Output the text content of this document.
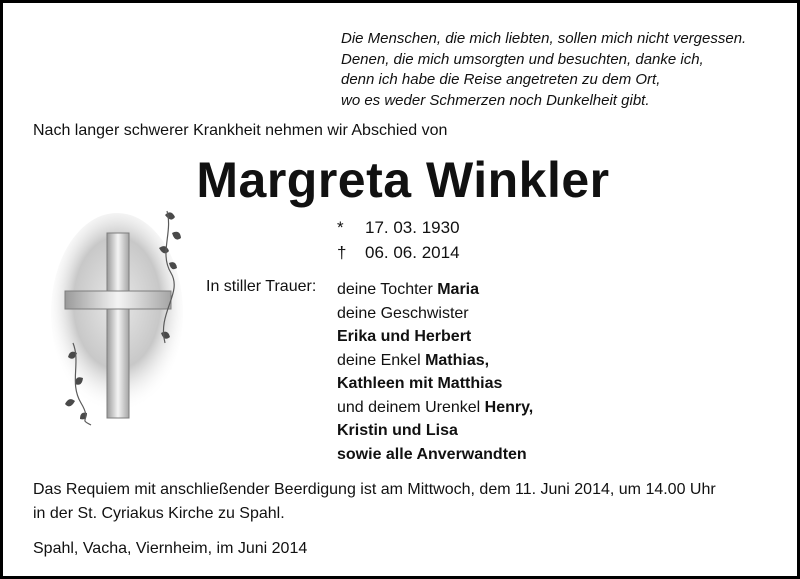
Die Menschen, die mich liebten, sollen mich nicht vergessen.
Denen, die mich umsorgten und besuchten, danke ich,
denn ich habe die Reise angetreten zu dem Ort,
wo es weder Schmerzen noch Dunkelheit gibt.
Nach langer schwerer Krankheit nehmen wir Abschied von
Margreta Winkler
* 17. 03. 1930
† 06. 06. 2014
In stiller Trauer: deine Tochter Maria
deine Geschwister
Erika und Herbert
deine Enkel Mathias,
Kathleen mit Matthias
und deinem Urenkel Henry,
Kristin und Lisa
sowie alle Anverwandten
Das Requiem mit anschließender Beerdigung ist am Mittwoch, dem 11. Juni 2014, um 14.00 Uhr
in der St. Cyriakus Kirche zu Spahl.
Spahl, Vacha, Viernheim, im Juni 2014
